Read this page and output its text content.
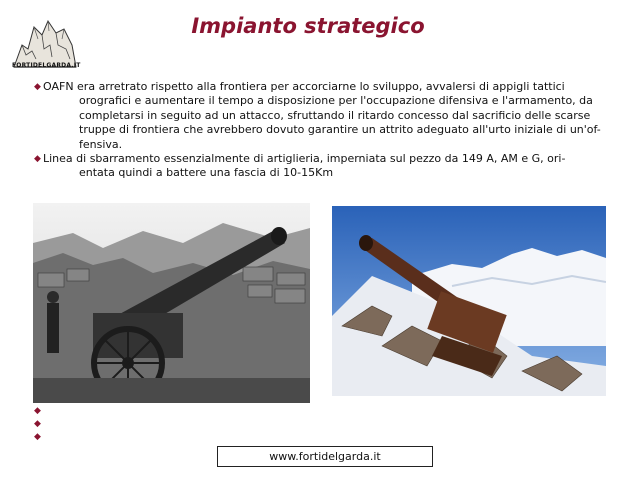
FORTIDELGARDA.IT
Impianto strategico
◆ OAFN era arretrato rispetto alla frontiera per accorciarne lo sviluppo, avvalersi di appigli tattici
orografici e aumentare il tempo a disposizione per l'occupazione difensiva e l'armamento, da completarsi in seguito ad un attacco, sfruttando il ritardo concesso dal sacrificio delle scarse truppe di frontiera che avrebbero dovuto garantire un attrito adeguato all'urto iniziale di un'of-fensiva.
◆ Linea di sbarramento essenzialmente di artiglieria, imperniata sul pezzo da 149 A, AM e G, ori-
entata quindi a battere una fascia di 10-15Km
◆
◆
◆
www.fortidelgarda.it
